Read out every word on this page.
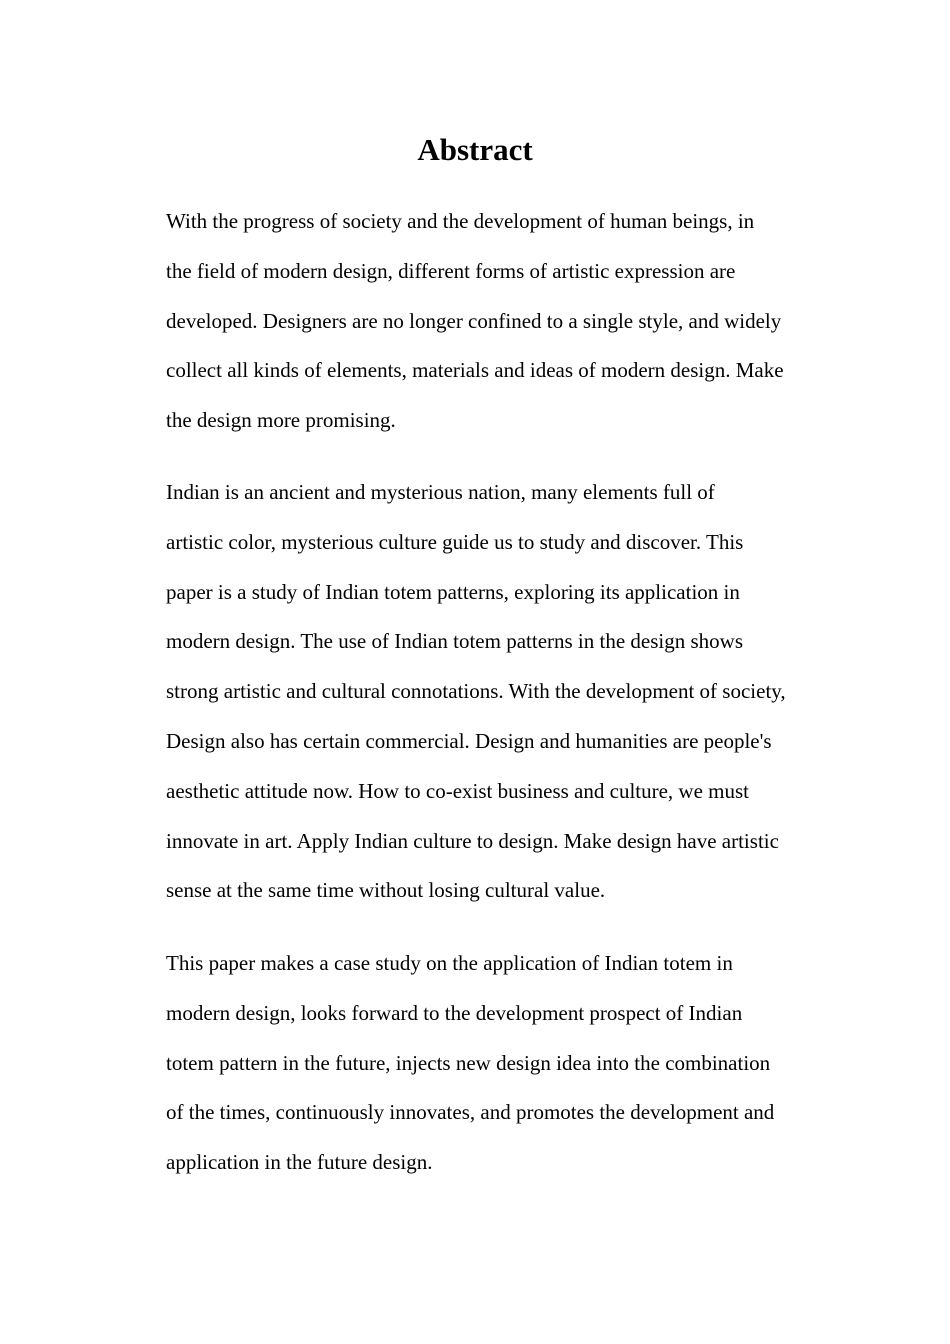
Abstract

With the progress of society and the development of human beings, in
the field of modern design, different forms of artistic expression are
developed. Designers are no longer confined to a single style, and widely
collect all kinds of elements, materials and ideas of modern design. Make
the design more promising.

Indian is an ancient and mysterious nation, many elements full of
artistic color, mysterious culture guide us to study and discover. This
paper is a study of Indian totem patterns, exploring its application in
modern design. The use of Indian totem patterns in the design shows
strong artistic and cultural connotations. With the development of society,
Design also has certain commercial. Design and humanities are people's
aesthetic attitude now. How to co-exist business and culture, we must
innovate in art. Apply Indian culture to design. Make design have artistic
sense at the same time without losing cultural value.

This paper makes a case study on the application of Indian totem in
modern design, looks forward to the development prospect of Indian
totem pattern in the future, injects new design idea into the combination
of the times, continuously innovates, and promotes the development and
application in the future design.
